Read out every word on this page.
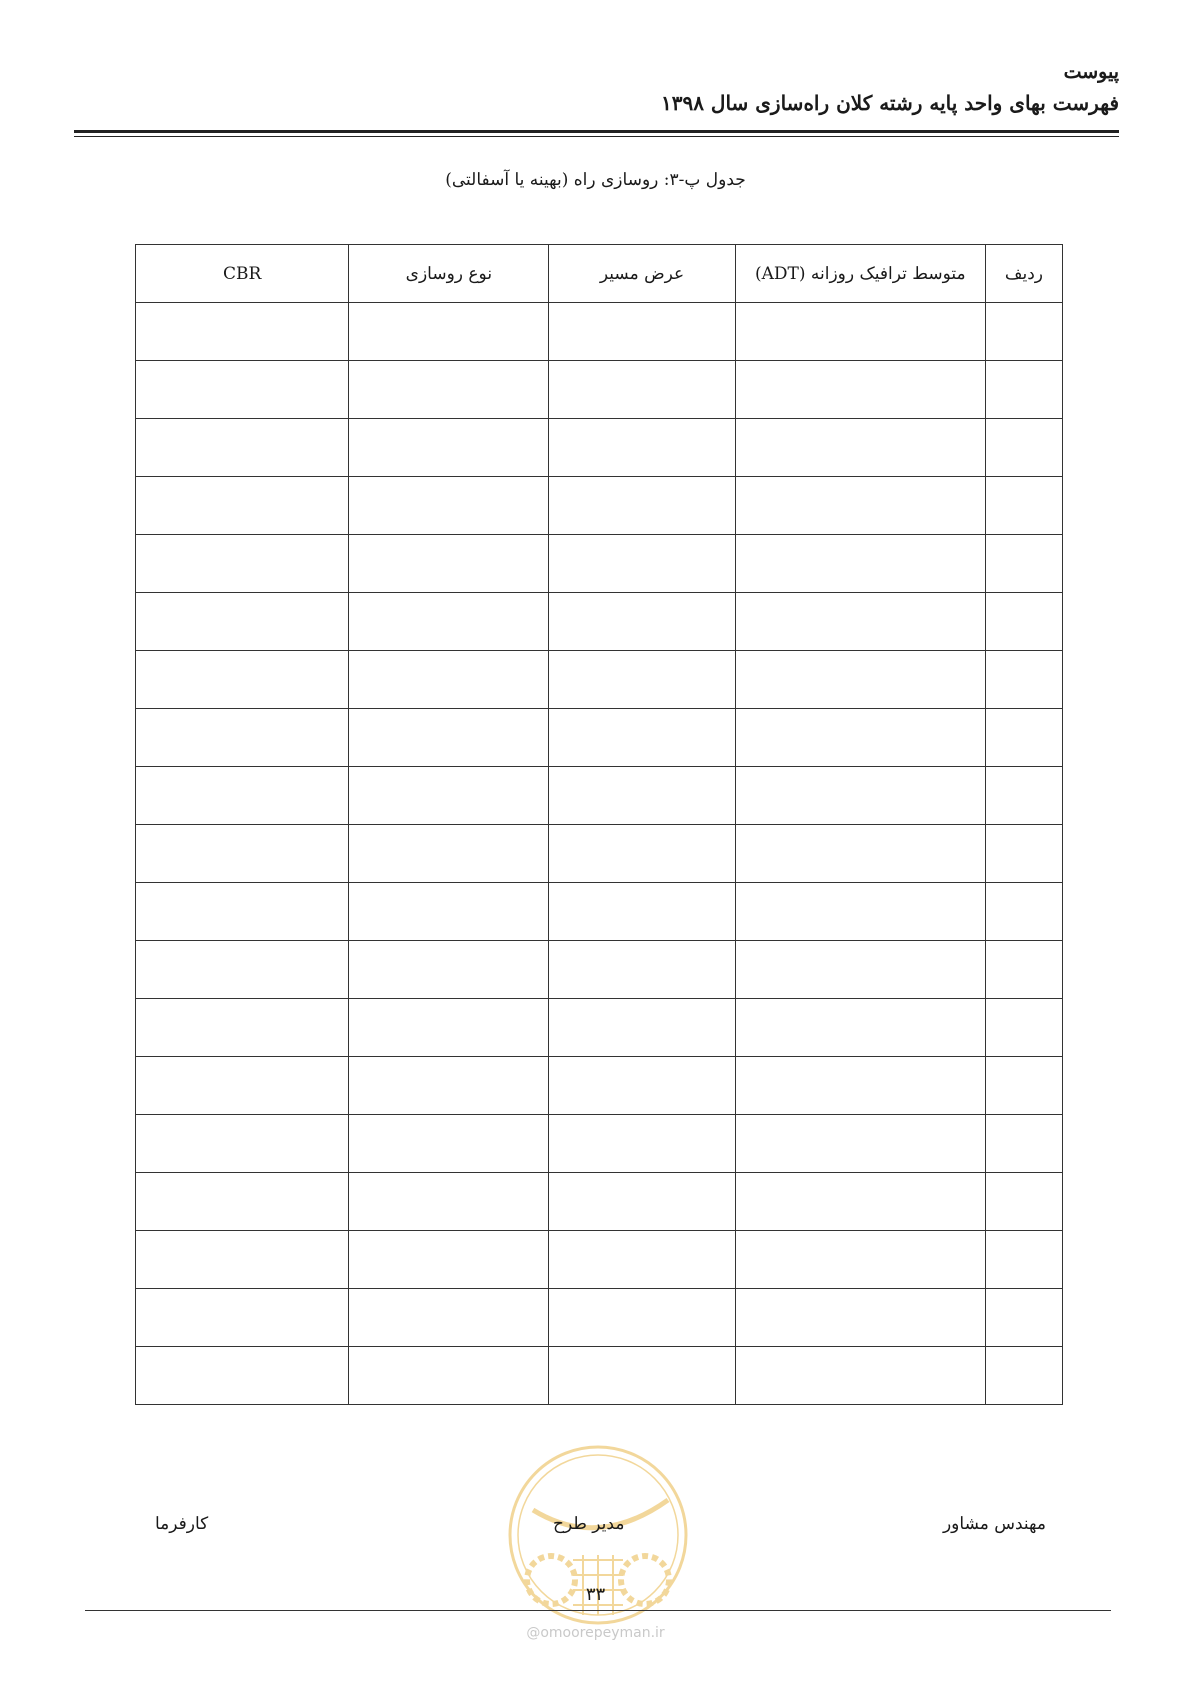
پیوست
فهرست بهای واحد پایه رشته کلان راه‌سازی سال ۱۳۹۸
جدول پ-۳: روسازی راه (بهینه یا آسفالتی)
ردیف	متوسط ترافیک روزانه (ADT)	عرض مسیر	نوع روسازی	CBR

مهندس مشاور
مدیر طرح
کارفرما
۳۳
@omoorepeyman.ir
